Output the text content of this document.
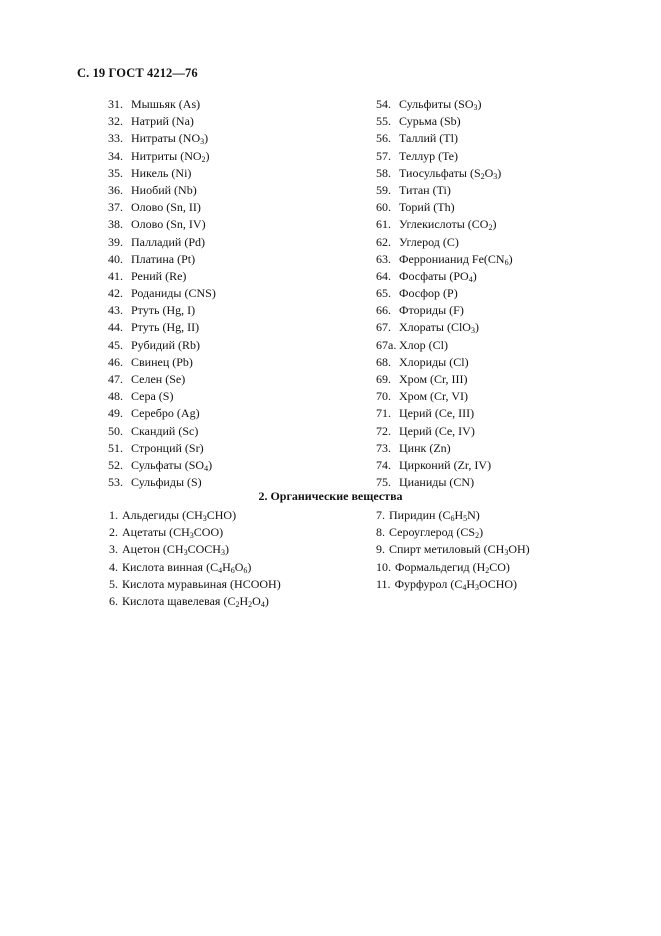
С. 19 ГОСТ 4212—76
31. Мышьяк (As)
32. Натрий (Na)
33. Нитраты $(NO_3)$
34. Нитриты $(NO_2)$
35. Никель (Ni)
36. Ниобий (Nb)
37. Олово (Sn, II)
38. Олово (Sn, IV)
39. Палладий (Pd)
40. Платина (Pt)
41. Рений (Re)
42. Роданиды (CNS)
43. Ртуть (Hg, I)
44. Ртуть (Hg, II)
45. Рубидий (Rb)
46. Свинец (Pb)
47. Селен (Se)
48. Сера (S)
49. Серебро (Ag)
50. Скандий (Sc)
51. Стронций (Sr)
52. Сульфаты $(SO_4)$
53. Сульфиды (S)
54. Сульфиты $(SO_3)$
55. Сурьма (Sb)
56. Таллий (Tl)
57. Теллур (Te)
58. Тиосульфаты $(S_2O_3)$
59. Титан (Ti)
60. Торий (Th)
61. Углекислоты $(CO_2)$
62. Углерод (C)
63. Ферронианид $Fe(CN_6)$
64. Фосфаты $(PO_4)$
65. Фосфор (P)
66. Фториды (F)
67. Хлораты (ClO$_3$)
67а. Хлор (Cl)
68. Хлориды (Cl)
69. Хром (Cr, III)
70. Хром (Cr, VI)
71. Церий (Ce, III)
72. Церий (Ce, IV)
73. Цинк (Zn)
74. Цирконий (Zr, IV)
75. Цианиды (CN)
2. Органические вещества
1. Альдегиды $(CH_3CHO)$
2. Ацетаты $(CH_3COO)$
3. Ацетон $(CH_3COCH_3)$
4. Кислота винная $(C_4H_6O_6)$
5. Кислота муравьиная (HCOOH)
6. Кислота щавелевая $(C_2H_2O_4)$
7. Пиридин $(C_6H_5N)$
8. Сероуглерод $(CS_2)$
9. Спирт метиловый $(CH_3OH)$
10. Формальдегид $(H_2CO)$
11. Фурфурол $(C_4H_3OCHO)$
